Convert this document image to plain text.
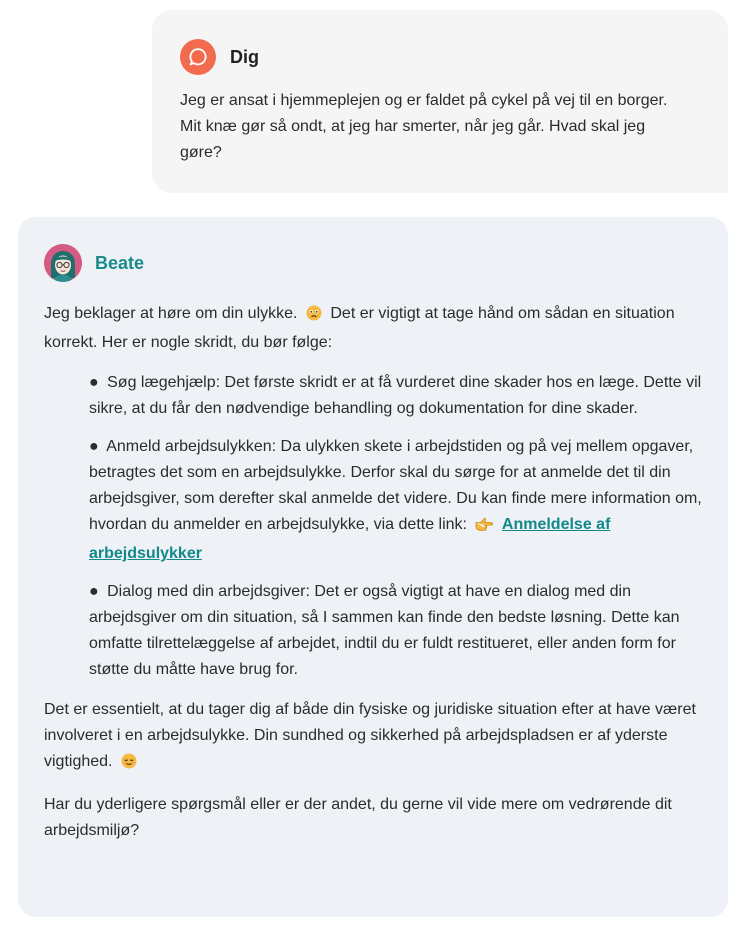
Dig
Jeg er ansat i hjemmeplejen og er faldet på cykel på vej til en borger. Mit knæ gør så ondt, at jeg har smerter, når jeg går. Hvad skal jeg gøre?
Beate

Jeg beklager at høre om din ulykke. Det er vigtigt at tage hånd om sådan en situation korrekt. Her er nogle skridt, du bør følge:

● Søg lægehjælp: Det første skridt er at få vurderet dine skader hos en læge. Dette vil sikre, at du får den nødvendige behandling og dokumentation for dine skader.
● Anmeld arbejdsulykken: Da ulykken skete i arbejdstiden og på vej mellem opgaver, betragtes det som en arbejdsulykke. Derfor skal du sørge for at anmelde det til din arbejdsgiver, som derefter skal anmelde det videre. Du kan finde mere information om, hvordan du anmelder en arbejdsulykke, via dette link: Anmeldelse af arbejdsulykker
● Dialog med din arbejdsgiver: Det er også vigtigt at have en dialog med din arbejdsgiver om din situation, så I sammen kan finde den bedste løsning. Dette kan omfatte tilrettelæggelse af arbejdet, indtil du er fuldt restitueret, eller anden form for støtte du måtte have brug for.

Det er essentielt, at du tager dig af både din fysiske og juridiske situation efter at have været involveret i en arbejdsulykke. Din sundhed og sikkerhed på arbejdspladsen er af yderste vigtighed.

Har du yderligere spørgsmål eller er der andet, du gerne vil vide mere om vedrørende dit arbejdsmiljø?
